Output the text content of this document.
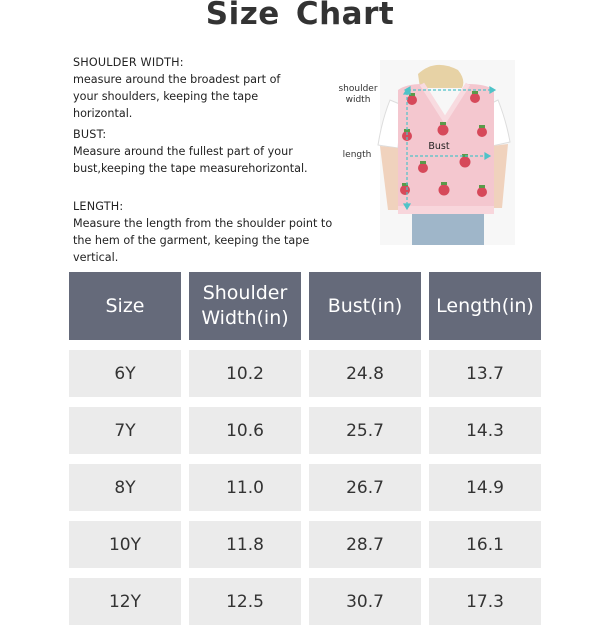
Size Chart
SHOULDER WIDTH:
measure around the broadest part of your shoulders, keeping the tape horizontal.
BUST:
Measure around the fullest part of your bust,keeping the tape measurehorizontal.
LENGTH:
Measure the length from the shoulder point to the hem of the garment, keeping the tape vertical.
shoulder width
length
Bust
Size	Shoulder Width(in)	Bust(in)	Length(in)
6Y	10.2	24.8	13.7
7Y	10.6	25.7	14.3
8Y	11.0	26.7	14.9
10Y	11.8	28.7	16.1
12Y	12.5	30.7	17.3
